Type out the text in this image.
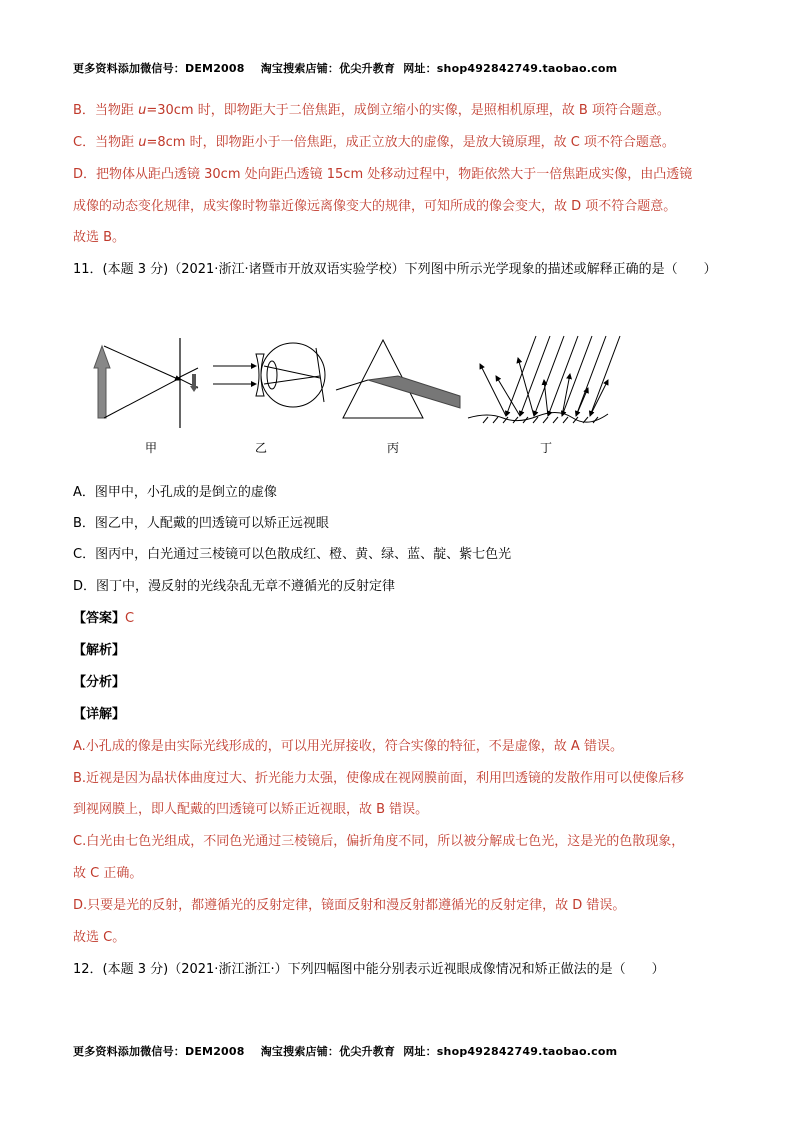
更多资料添加微信号：DEM2008 淘宝搜索店铺：优尖升教育 网址：shop492842749.taobao.com
B．当物距 u=30cm 时，即物距大于二倍焦距，成倒立缩小的实像，是照相机原理，故 B 项符合题意。
C．当物距 u=8cm 时，即物距小于一倍焦距，成正立放大的虚像，是放大镜原理，故 C 项不符合题意。
D．把物体从距凸透镜 30cm 处向距凸透镜 15cm 处移动过程中，物距依然大于一倍焦距成实像，由凸透镜
成像的动态变化规律，成实像时物靠近像远离像变大的规律，可知所成的像会变大，故 D 项不符合题意。
故选 B。
11．(本题 3 分)（2021·浙江·诸暨市开放双语实验学校）下列图中所示光学现象的描述或解释正确的是（　　）
甲	乙	丙	丁
A．图甲中，小孔成的是倒立的虚像
B．图乙中，人配戴的凹透镜可以矫正远视眼
C．图丙中，白光通过三棱镜可以色散成红、橙、黄、绿、蓝、靛、紫七色光
D．图丁中，漫反射的光线杂乱无章不遵循光的反射定律
【答案】C
【解析】
【分析】
【详解】
A.小孔成的像是由实际光线形成的，可以用光屏接收，符合实像的特征，不是虚像，故 A 错误。
B.近视是因为晶状体曲度过大、折光能力太强，使像成在视网膜前面，利用凹透镜的发散作用可以使像后移
到视网膜上，即人配戴的凹透镜可以矫正近视眼，故 B 错误。
C.白光由七色光组成，不同色光通过三棱镜后，偏折角度不同，所以被分解成七色光，这是光的色散现象，
故 C 正确。
D.只要是光的反射，都遵循光的反射定律，镜面反射和漫反射都遵循光的反射定律，故 D 错误。
故选 C。
12．(本题 3 分)（2021·浙江浙江·）下列四幅图中能分别表示近视眼成像情况和矫正做法的是（　　）
更多资料添加微信号：DEM2008 淘宝搜索店铺：优尖升教育 网址：shop492842749.taobao.com
